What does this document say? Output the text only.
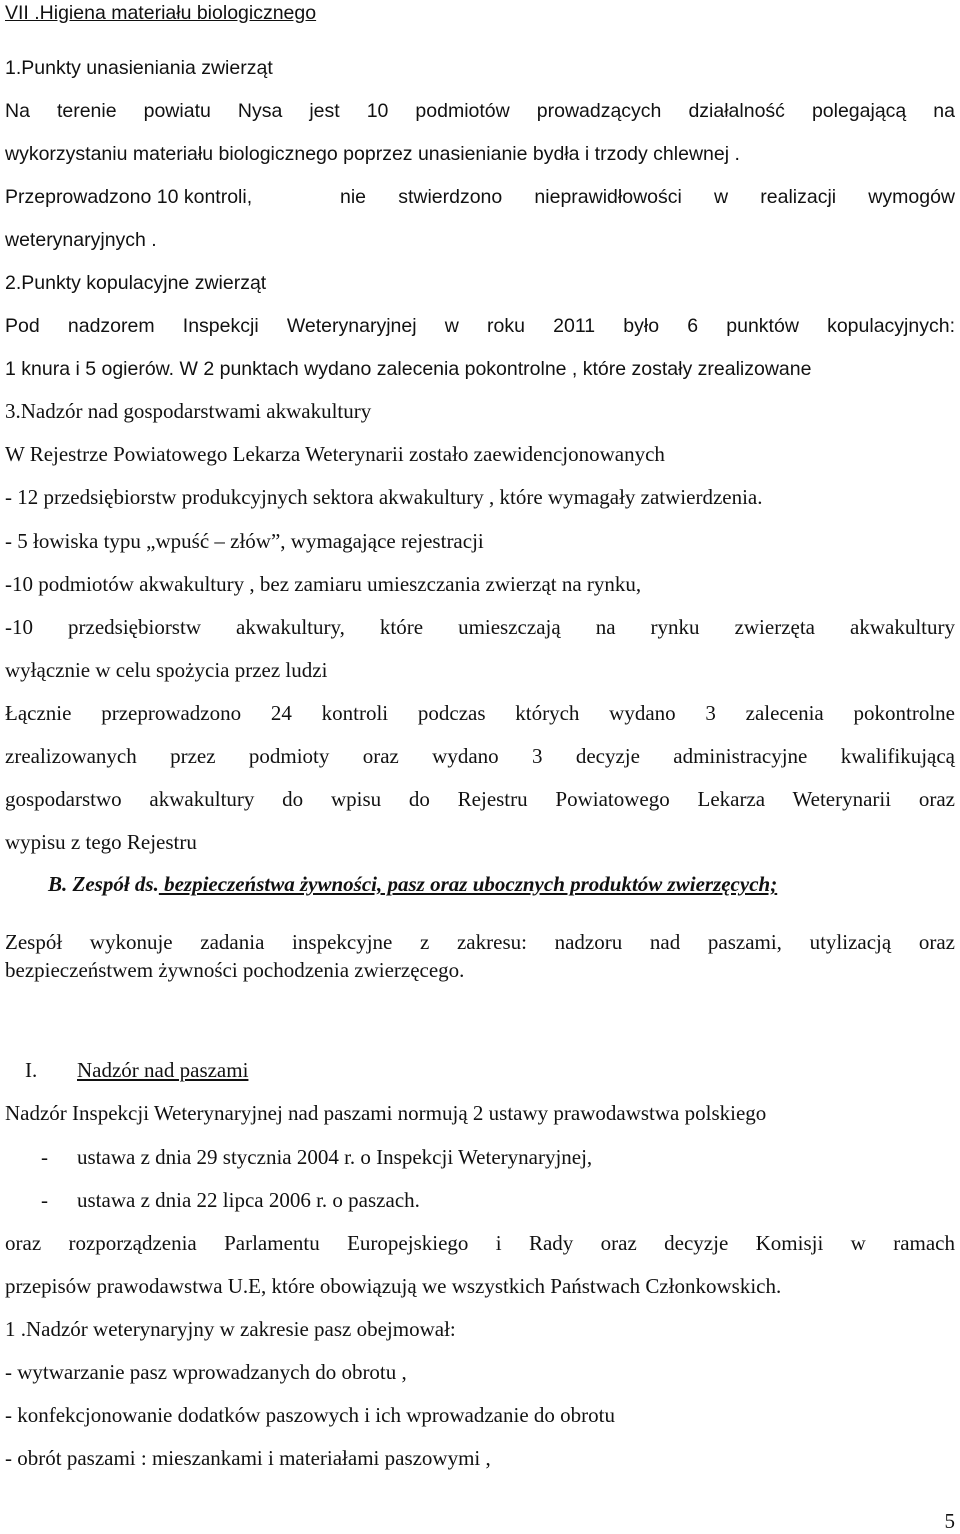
VII .Higiena materiału biologicznego
1.Punkty unasieniania zwierząt
Na terenie powiatu Nysa jest 10 podmiotów prowadzących działalność polegającą na
wykorzystaniu materiału biologicznego poprzez unasienianie bydła i trzody chlewnej .
Przeprowadzono 10 kontroli,	nie stwierdzono nieprawidłowości w realizacji wymogów
weterynaryjnych .
2.Punkty kopulacyjne zwierząt
Pod nadzorem Inspekcji Weterynaryjnej w roku 2011 było 6 punktów kopulacyjnych:
1 knura i 5 ogierów. W 2 punktach wydano zalecenia pokontrolne , które zostały zrealizowane
3.Nadzór nad gospodarstwami akwakultury
W Rejestrze Powiatowego Lekarza Weterynarii zostało zaewidencjonowanych
- 12 przedsiębiorstw produkcyjnych sektora akwakultury , które wymagały zatwierdzenia.
- 5 łowiska typu „wpuść – złów”, wymagające rejestracji
-10 podmiotów akwakultury , bez zamiaru umieszczania zwierząt na rynku,
-10 przedsiębiorstw akwakultury, które umieszczają na rynku zwierzęta akwakultury
wyłącznie w celu spożycia przez ludzi
Łącznie przeprowadzono 24 kontroli podczas których wydano 3 zalecenia pokontrolne
zrealizowanych przez podmioty oraz wydano 3 decyzje administracyjne kwalifikującą
gospodarstwo akwakultury do wpisu do Rejestru Powiatowego Lekarza Weterynarii oraz
wypisu z tego Rejestru
B. Zespół ds. bezpieczeństwa żywności, pasz oraz ubocznych produktów zwierzęcych;
Zespół wykonuje zadania inspekcyjne z zakresu: nadzoru nad paszami, utylizacją oraz
bezpieczeństwem żywności pochodzenia zwierzęcego.
I. Nadzór nad paszami
Nadzór Inspekcji Weterynaryjnej nad paszami normują 2 ustawy prawodawstwa polskiego
- ustawa z dnia 29 stycznia 2004 r. o Inspekcji Weterynaryjnej,
- ustawa z dnia 22 lipca 2006 r. o paszach.
oraz rozporządzenia Parlamentu Europejskiego i Rady oraz decyzje Komisji w ramach
przepisów prawodawstwa U.E, które obowiązują we wszystkich Państwach Członkowskich.
1 .Nadzór weterynaryjny w zakresie pasz obejmował:
- wytwarzanie pasz wprowadzanych do obrotu ,
- konfekcjonowanie dodatków paszowych i ich wprowadzanie do obrotu
- obrót paszami : mieszankami i materiałami paszowymi ,
5
